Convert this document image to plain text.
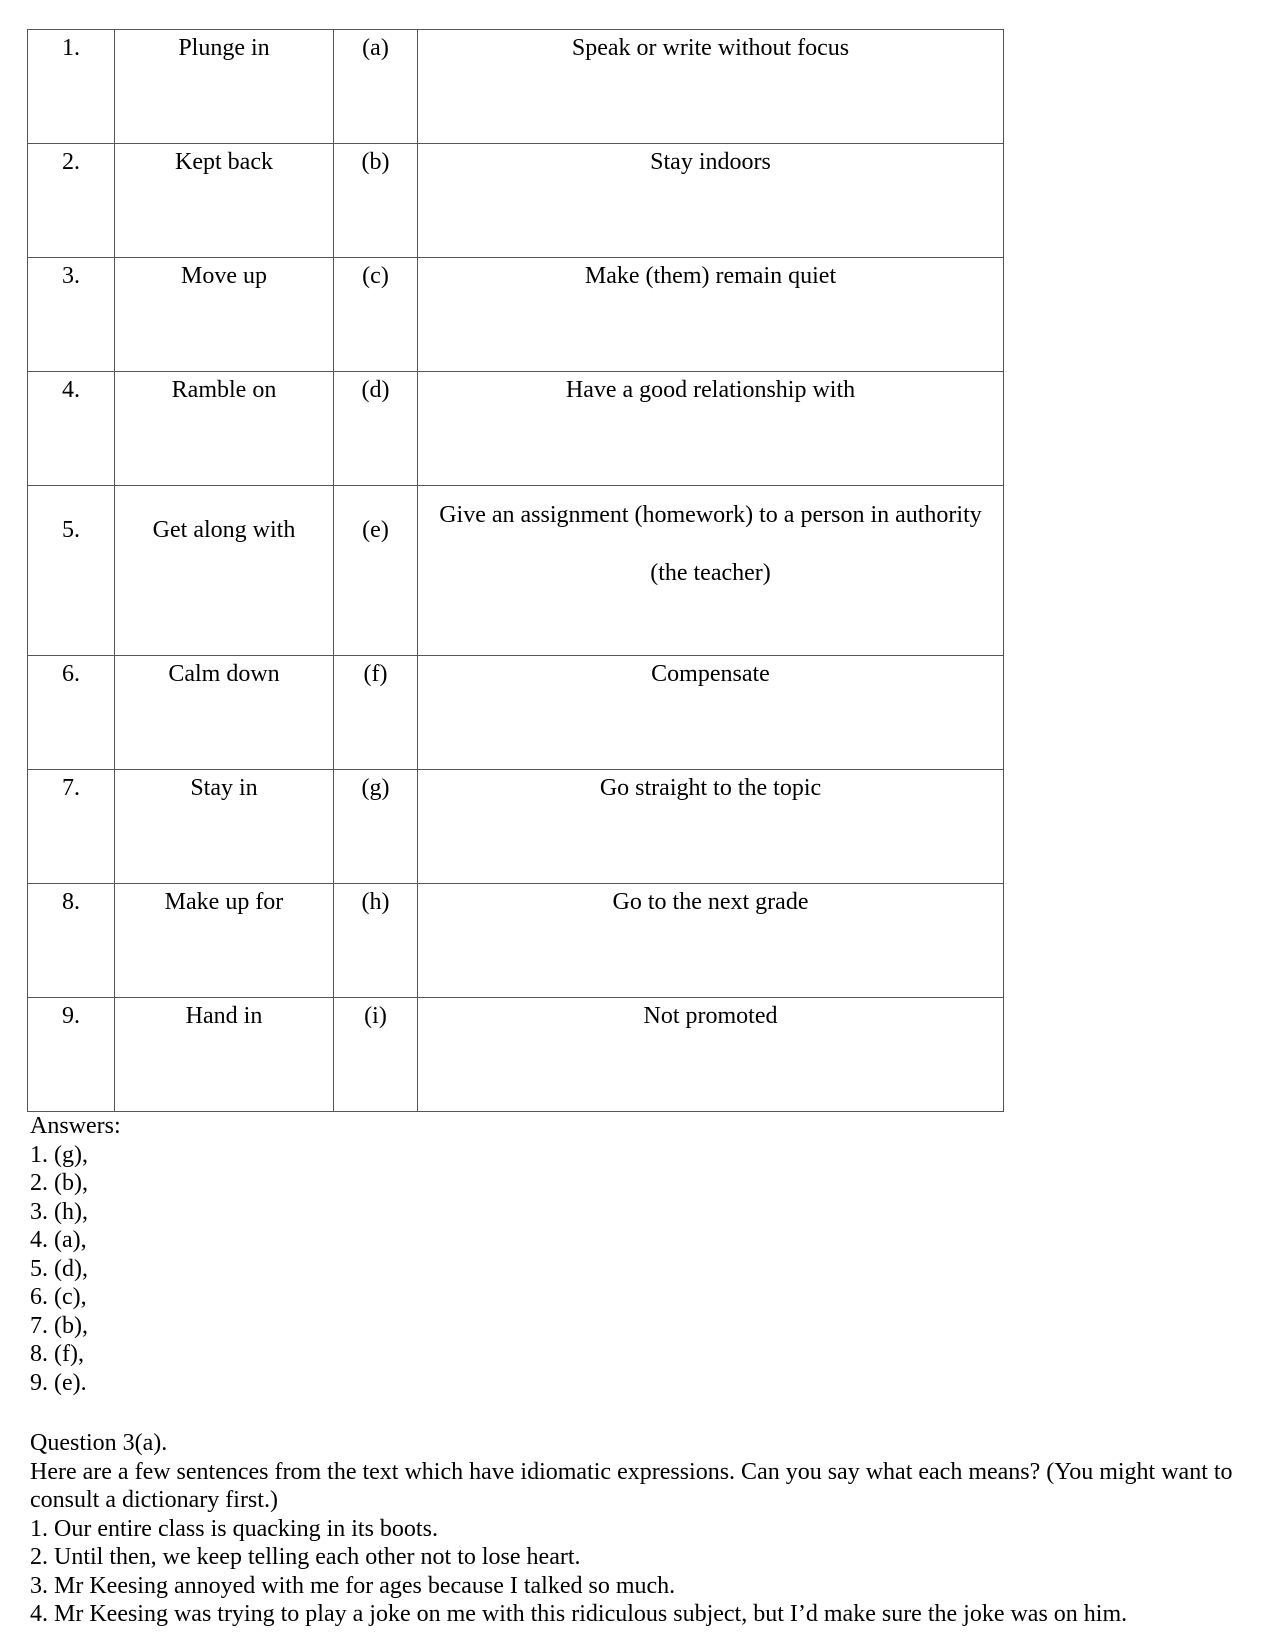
1.	Plunge in	(a)	Speak or write without focus
2.	Kept back	(b)	Stay indoors
3.	Move up	(c)	Make (them) remain quiet
4.	Ramble on	(d)	Have a good relationship with
5.	Get along with	(e)	Give an assignment (homework) to a person in authority (the teacher)
6.	Calm down	(f)	Compensate
7.	Stay in	(g)	Go straight to the topic
8.	Make up for	(h)	Go to the next grade
9.	Hand in	(i)	Not promoted
Answers:
1. (g),
2. (b),
3. (h),
4. (a),
5. (d),
6. (c),
7. (b),
8. (f),
9. (e).
Question 3(a).
Here are a few sentences from the text which have idiomatic expressions. Can you say what each means? (You might want to consult a dictionary first.)
1. Our entire class is quacking in its boots.
2. Until then, we keep telling each other not to lose heart.
3. Mr Keesing annoyed with me for ages because I talked so much.
4. Mr Keesing was trying to play a joke on me with this ridiculous subject, but I’d make sure the joke was on him.
